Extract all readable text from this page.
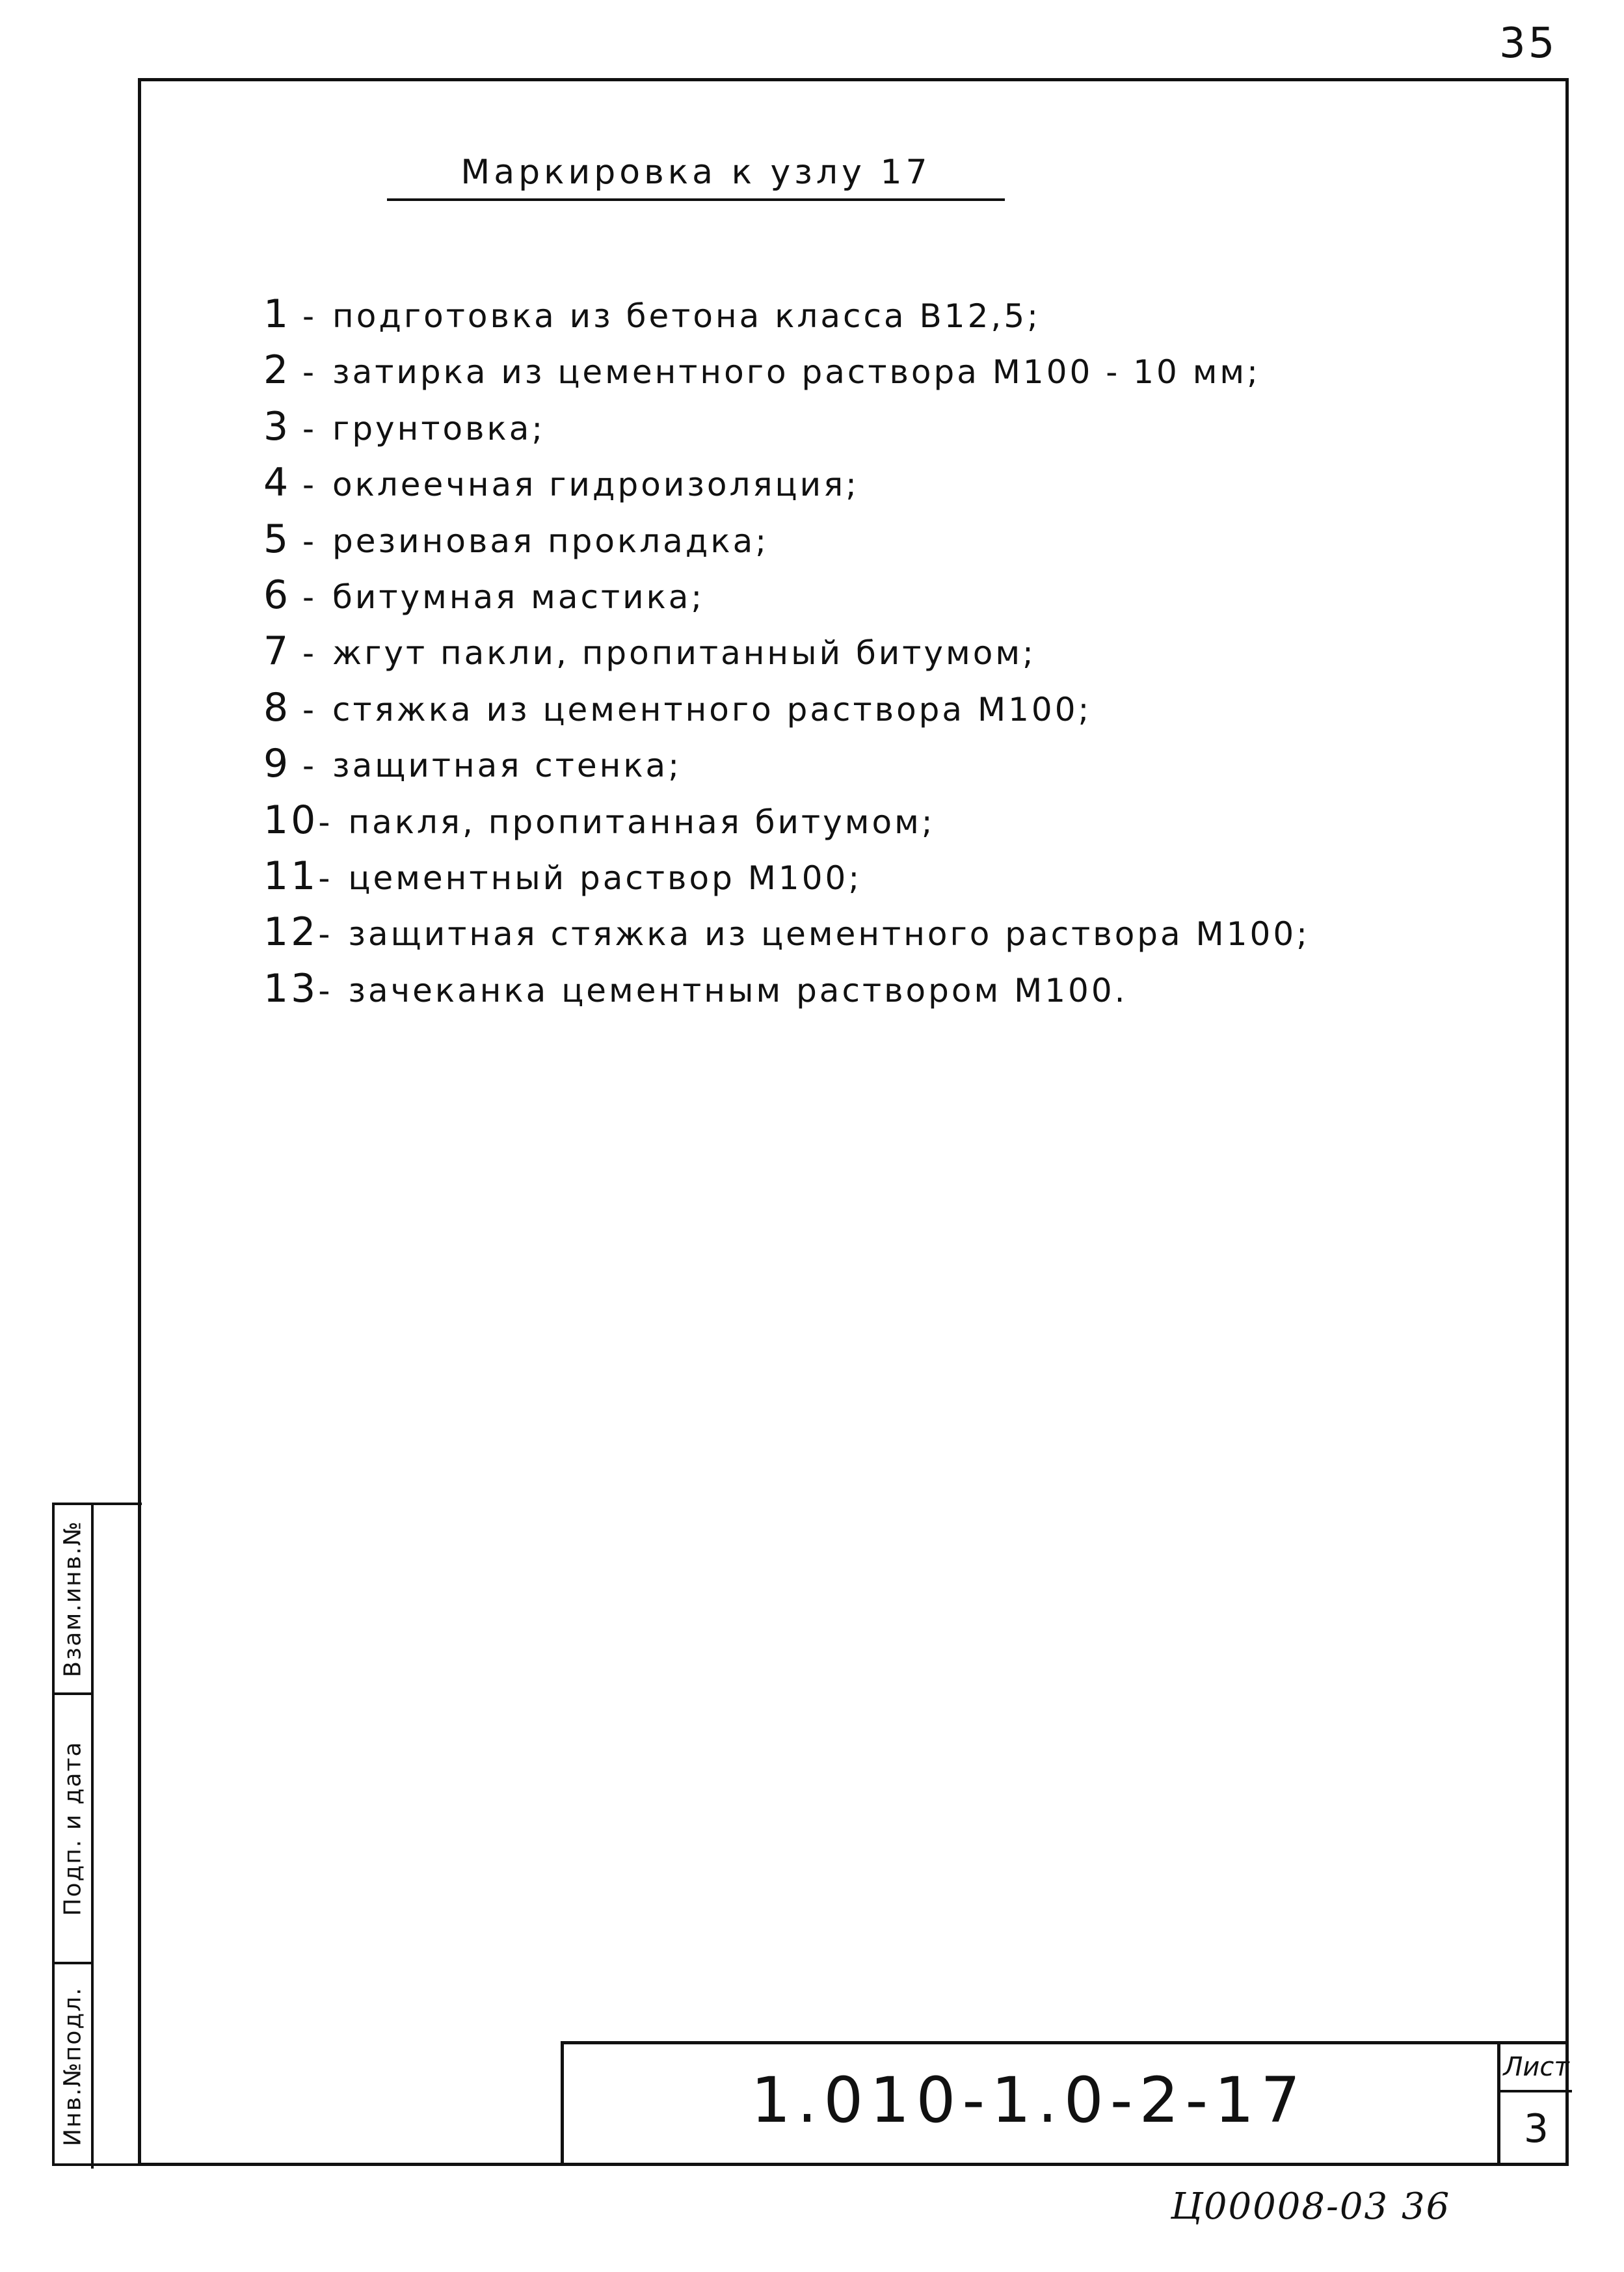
35
Маркировка к узлу 17
1 - подготовка из бетона класса B12,5;
2 - затирка из цементного раствора M100 - 10 мм;
3 - грунтовка;
4 - оклеечная гидроизоляция;
5 - резиновая прокладка;
6 - битумная мастика;
7 - жгут пакли, пропитанный битумом;
8 - стяжка из цементного раствора M100;
9 - защитная стенка;
10- пакля, пропитанная битумом;
11- цементный раствор M100;
12- защитная стяжка из цементного раствора M100;
13- зачеканка цементным раствором M100.
Взам.инв.№
Подп. и дата
Инв.№подл.	1.010-1.0-2-17	Лист
3
Ц00008-03 36
